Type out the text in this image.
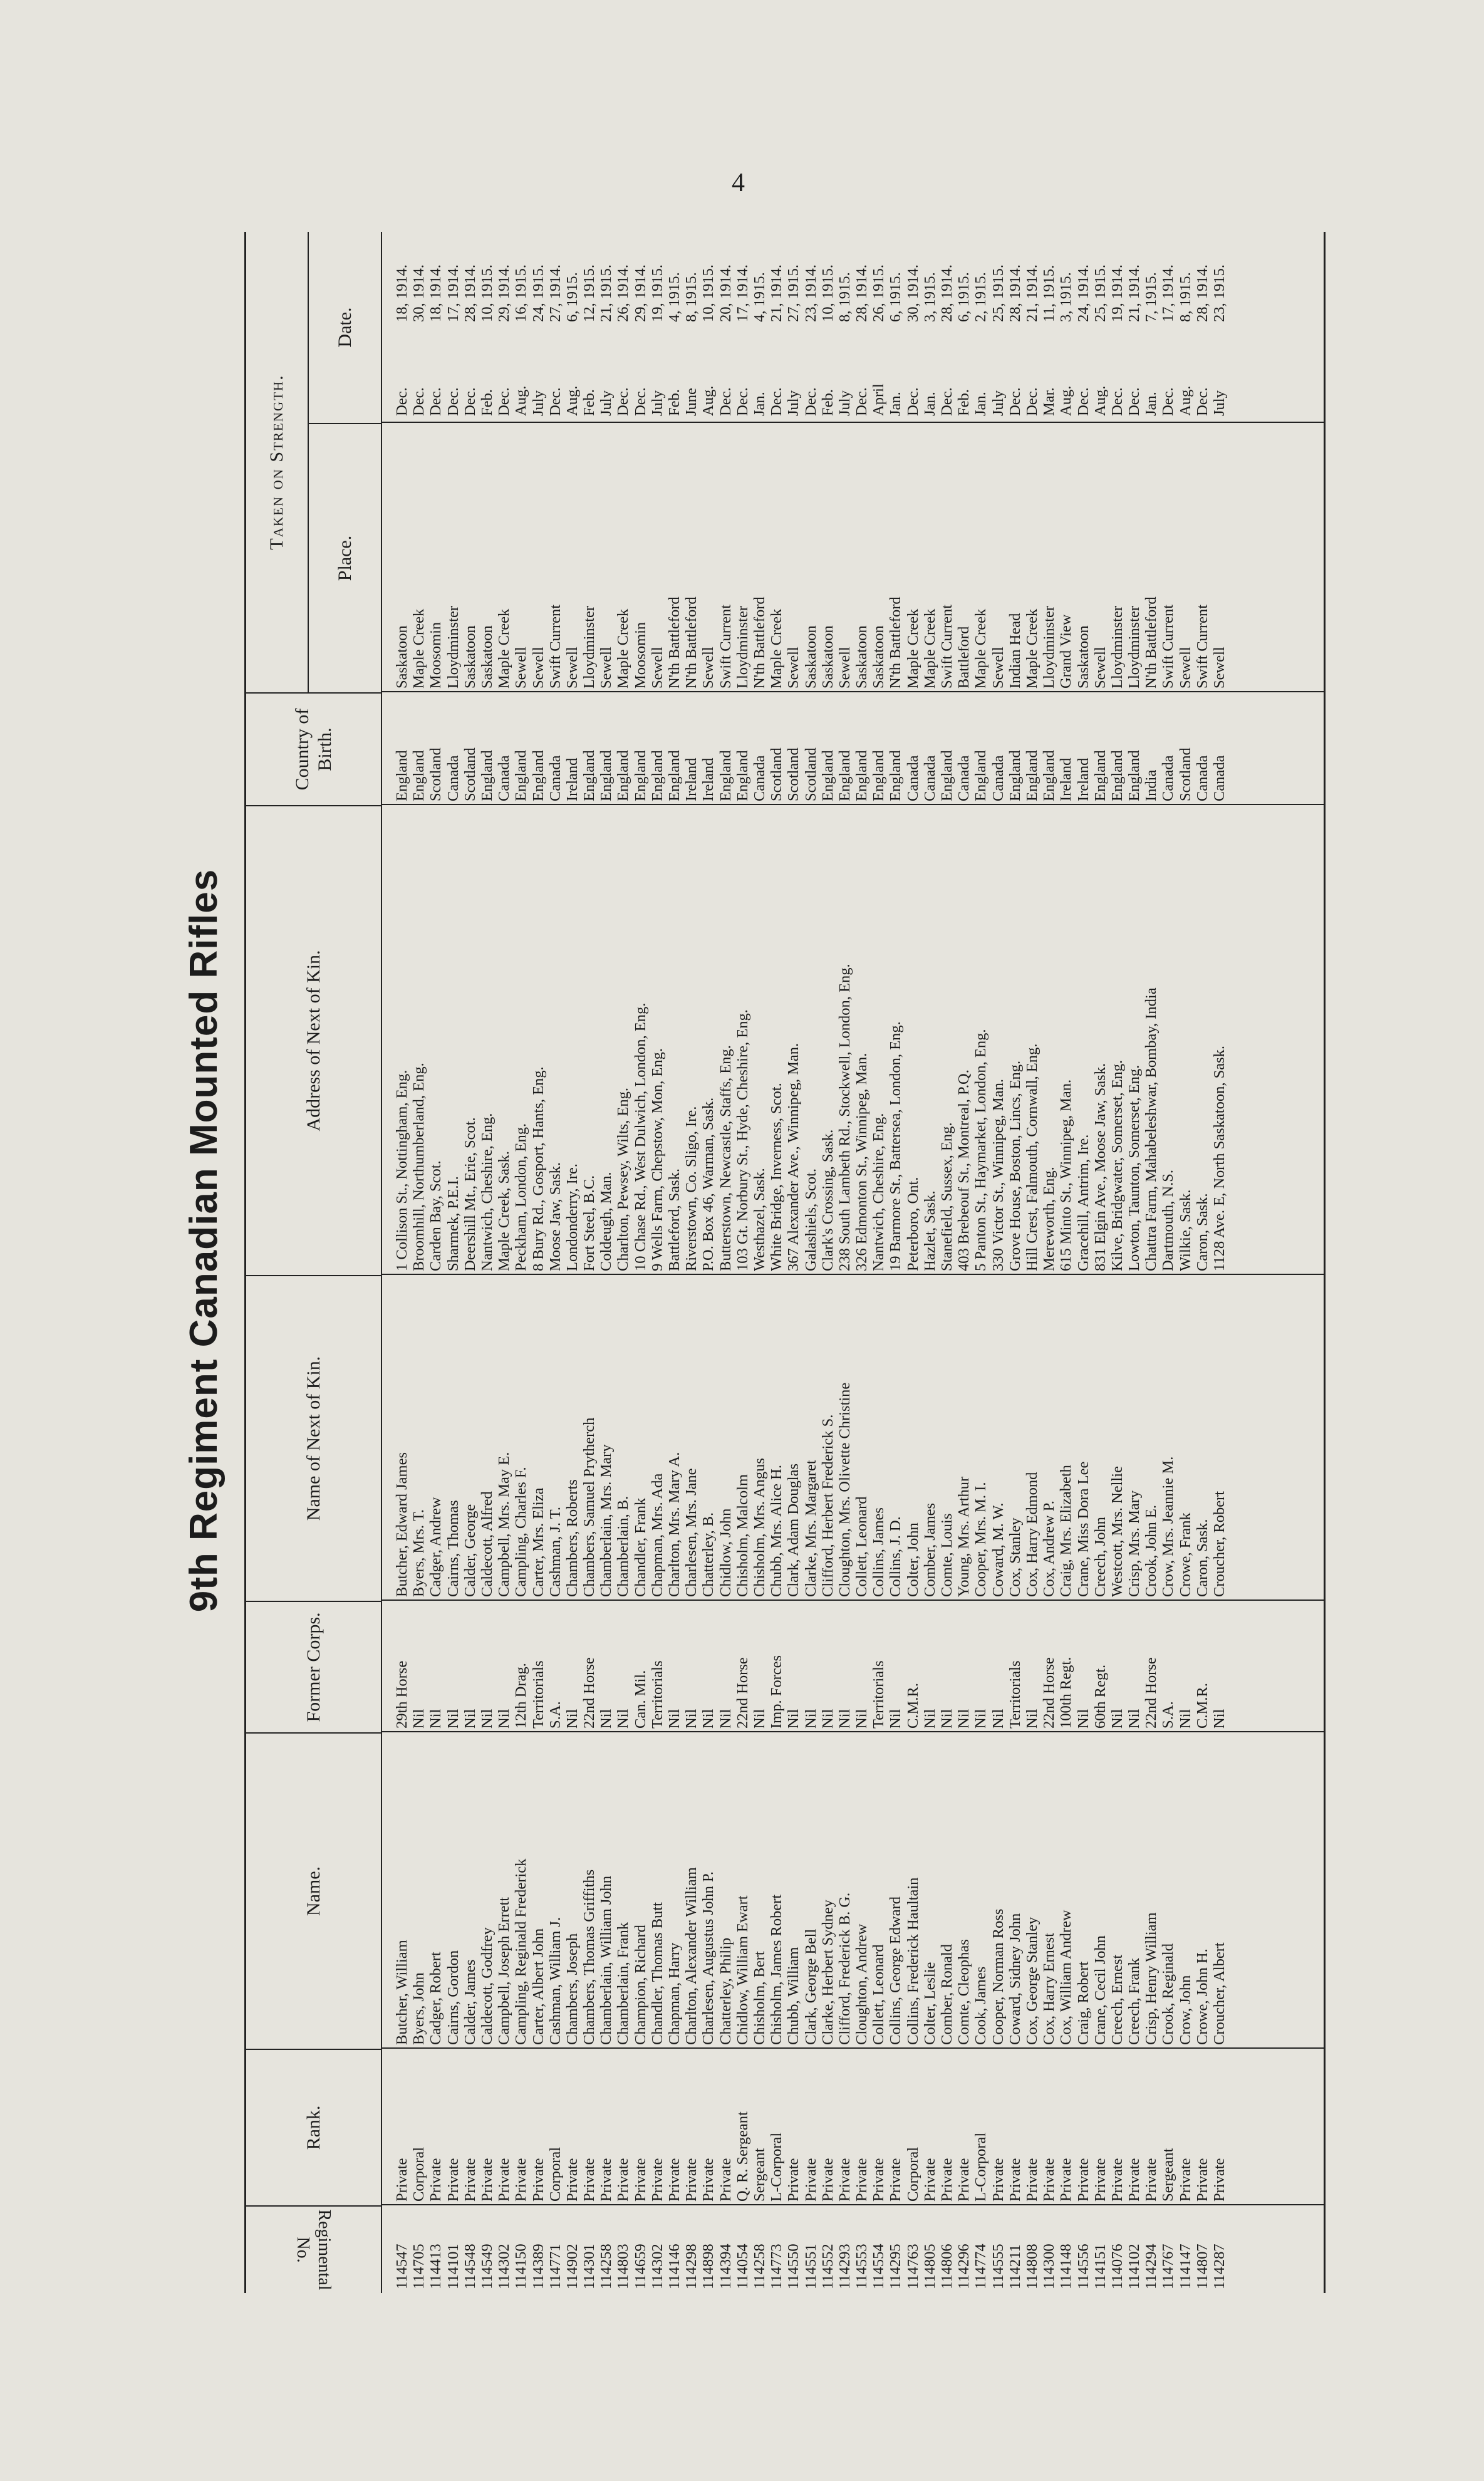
4
9th Regiment Canadian Mounted Rifles
Regimental No.
Rank.
Name.
Former Corps.
Name of Next of Kin.
Address of Next of Kin.
Country of Birth.
Taken on Strength.
Place.
Date.
114547
Private
Butcher, William
29th Horse
Butcher, Edward James
1 Collison St., Nottingham, Eng.
England
Saskatoon
Dec.
18, 1914.
114705
Corporal
Byers, John
Nil
Byers, Mrs. T.
Broomhill, Northumberland, Eng.
England
Maple Creek
Dec.
30, 1914.
114413
Private
Cadger, Robert
Nil
Cadger, Andrew
Carden Bay, Scot.
Scotland
Moosomin
Dec.
18, 1914.
114101
Private
Cairns, Gordon
Nil
Cairns, Thomas
Sharmek, P.E.I.
Canada
Lloydminster
Dec.
17, 1914.
114548
Private
Calder, James
Nil
Calder, George
Deershill Mt., Erie, Scot.
Scotland
Saskatoon
Dec.
28, 1914.
114549
Private
Caldecott, Godfrey
Nil
Caldecott, Alfred
Nantwich, Cheshire, Eng.
England
Saskatoon
Feb.
10, 1915.
114302
Private
Campbell, Joseph Errett
Nil
Campbell, Mrs. May E.
Maple Creek, Sask.
Canada
Maple Creek
Dec.
29, 1914.
114150
Private
Campling, Reginald Frederick
12th Drag.
Campling, Charles F.
Peckham, London, Eng.
England
Sewell
Aug.
16, 1915.
114389
Private
Carter, Albert John
Territorials
Carter, Mrs. Eliza
8 Bury Rd., Gosport, Hants, Eng.
England
Sewell
July
24, 1915.
114771
Corporal
Cashman, William J.
S.A.
Cashman, J. T.
Moose Jaw, Sask.
Canada
Swift Current
Dec.
27, 1914.
114902
Private
Chambers, Joseph
Nil
Chambers, Roberts
Londonderry, Ire.
Ireland
Sewell
Aug.
6, 1915.
114301
Private
Chambers, Thomas Griffiths
22nd Horse
Chambers, Samuel Prytherch
Fort Steel, B.C.
England
Lloydminster
Feb.
12, 1915.
114258
Private
Chamberlain, William John
Nil
Chamberlain, Mrs. Mary
Coldeugh, Man.
England
Sewell
July
21, 1915.
114803
Private
Chamberlain, Frank
Nil
Chamberlain, B.
Charlton, Pewsey, Wilts, Eng.
England
Maple Creek
Dec.
26, 1914.
114659
Private
Champion, Richard
Can. Mil.
Chandler, Frank
10 Chase Rd., West Dulwich, London, Eng.
England
Moosomin
Dec.
29, 1914.
114302
Private
Chandler, Thomas Butt
Territorials
Chapman, Mrs. Ada
9 Wells Farm, Chepstow, Mon, Eng.
England
Sewell
July
19, 1915.
114146
Private
Chapman, Harry
Nil
Charlton, Mrs. Mary A.
Battleford, Sask.
England
N'th Battleford
Feb.
4, 1915.
114298
Private
Charlton, Alexander William
Nil
Charlesen, Mrs. Jane
Riverstown, Co. Sligo, Ire.
Ireland
N'th Battleford
June
8, 1915.
114898
Private
Charlesen, Augustus John P.
Nil
Chatterley, B.
P.O. Box 46, Warman, Sask.
Ireland
Sewell
Aug.
10, 1915.
114394
Private
Chatterley, Philip
Nil
Chidlow, John
Butterstown, Newcastle, Staffs, Eng.
England
Swift Current
Dec.
20, 1914.
114054
Q. R. Sergeant
Chidlow, William Ewart
22nd Horse
Chisholm, Malcolm
103 Gt. Norbury St., Hyde, Cheshire, Eng.
England
Lloydminster
Dec.
17, 1914.
114258
Sergeant
Chisholm, Bert
Nil
Chisholm, Mrs. Angus
Westhazel, Sask.
Canada
N'th Battleford
Jan.
4, 1915.
114773
L-Corporal
Chisholm, James Robert
Imp. Forces
Chubb, Mrs. Alice H.
White Bridge, Inverness, Scot.
Scotland
Maple Creek
Dec.
21, 1914.
114550
Private
Chubb, William
Nil
Clark, Adam Douglas
367 Alexander Ave., Winnipeg, Man.
Scotland
Sewell
July
27, 1915.
114551
Private
Clark, George Bell
Nil
Clarke, Mrs. Margaret
Galashiels, Scot.
Scotland
Saskatoon
Dec.
23, 1914.
114552
Private
Clarke, Herbert Sydney
Nil
Clifford, Herbert Frederick S.
Clark's Crossing, Sask.
England
Saskatoon
Feb.
10, 1915.
114293
Private
Clifford, Frederick B. G.
Nil
Cloughton, Mrs. Olivette Christine
238 South Lambeth Rd., Stockwell, London, Eng.
England
Sewell
July
8, 1915.
114553
Private
Cloughton, Andrew
Nil
Collett, Leonard
326 Edmonton St., Winnipeg, Man.
England
Saskatoon
Dec.
28, 1914.
114554
Private
Collett, Leonard
Territorials
Collins, James
Nantwich, Cheshire, Eng.
England
Saskatoon
April
26, 1915.
114295
Private
Collins, George Edward
Nil
Collins, J. D.
19 Barmore St., Battersea, London, Eng.
England
N'th Battleford
Jan.
6, 1915.
114763
Corporal
Collins, Frederick Haultain
C.M.R.
Colter, John
Peterboro, Ont.
Canada
Maple Creek
Dec.
30, 1914.
114805
Private
Colter, Leslie
Nil
Comber, James
Hazlet, Sask.
Canada
Maple Creek
Jan.
3, 1915.
114806
Private
Comber, Ronald
Nil
Comte, Louis
Stanefield, Sussex, Eng.
England
Swift Current
Dec.
28, 1914.
114296
Private
Comte, Cleophas
Nil
Young, Mrs. Arthur
403 Brebeouf St., Montreal, P.Q.
Canada
Battleford
Feb.
6, 1915.
114774
L-Corporal
Cook, James
Nil
Cooper, Mrs. M. I.
5 Panton St., Haymarket, London, Eng.
England
Maple Creek
Jan.
2, 1915.
114555
Private
Cooper, Norman Ross
Nil
Coward, M. W.
330 Victor St., Winnipeg, Man.
Canada
Sewell
July
25, 1915.
114211
Private
Coward, Sidney John
Territorials
Cox, Stanley
Grove House, Boston, Lincs, Eng.
England
Indian Head
Dec.
28, 1914.
114808
Private
Cox, George Stanley
Nil
Cox, Harry Edmond
Hill Crest, Falmouth, Cornwall, Eng.
England
Maple Creek
Dec.
21, 1914.
114300
Private
Cox, Harry Ernest
22nd Horse
Cox, Andrew P.
Mereworth, Eng.
England
Lloydminster
Mar.
11, 1915.
114148
Private
Cox, William Andrew
100th Regt.
Craig, Mrs. Elizabeth
615 Minto St., Winnipeg, Man.
Ireland
Grand View
Aug.
3, 1915.
114556
Private
Craig, Robert
Nil
Crane, Miss Dora Lee
Gracehill, Antrim, Ire.
Ireland
Saskatoon
Dec.
24, 1914.
114151
Private
Crane, Cecil John
60th Regt.
Creech, John
831 Elgin Ave., Moose Jaw, Sask.
England
Sewell
Aug.
25, 1915.
114076
Private
Creech, Ernest
Nil
Westcott, Mrs. Nellie
Kilve, Bridgwater, Somerset, Eng.
England
Lloydminster
Dec.
19, 1914.
114102
Private
Creech, Frank
Nil
Crisp, Mrs. Mary
Lowton, Taunton, Somerset, Eng.
England
Lloydminster
Dec.
21, 1914.
114294
Private
Crisp, Henry William
22nd Horse
Crook, John E.
Chattra Farm, Mahabeleshwar, Bombay, India
India
N'th Battleford
Jan.
7, 1915.
114767
Sergeant
Crook, Reginald
S.A.
Crow, Mrs. Jeannie M.
Dartmouth, N.S.
Canada
Swift Current
Dec.
17, 1914.
114147
Private
Crow, John
Nil
Crowe, Frank
Wilkie, Sask.
Scotland
Sewell
Aug.
8, 1915.
114807
Private
Crowe, John H.
C.M.R.
Caron, Sask.
Caron, Sask.
Canada
Swift Current
Dec.
28, 1914.
114287
Private
Croucher, Albert
Nil
Croucher, Robert
1128 Ave. E, North Saskatoon, Sask.
Canada
Sewell
July
23, 1915.
